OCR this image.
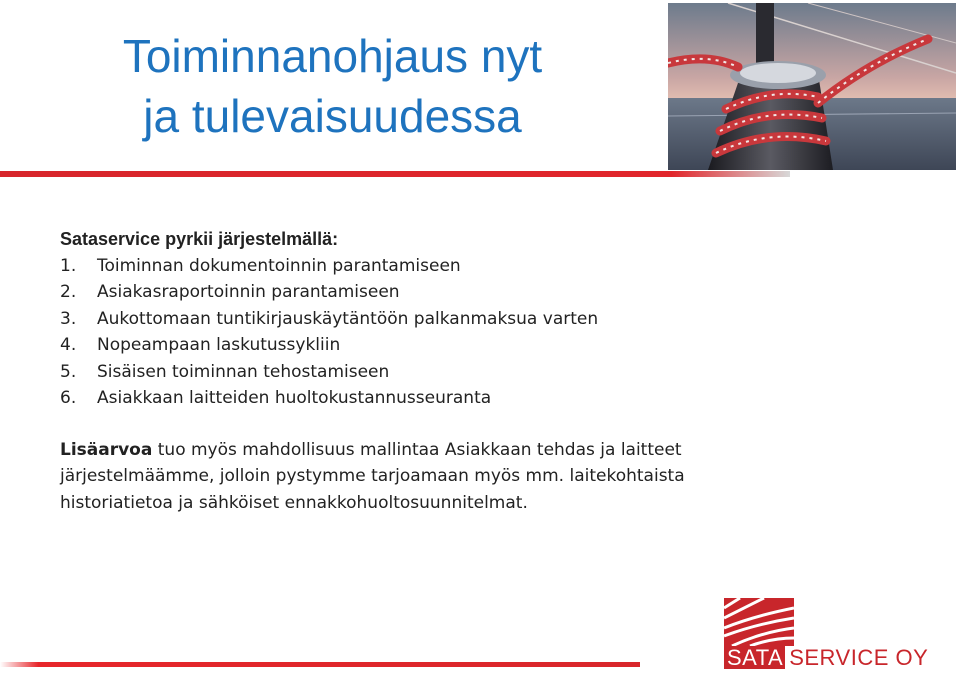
Toiminnanohjaus nyt
ja tulevaisuudessa
Sataservice pyrkii järjestelmällä:
1.	Toiminnan dokumentoinnin parantamiseen
2.	Asiakasraportoinnin parantamiseen
3.	Aukottomaan tuntikirjauskäytäntöön palkanmaksua varten
4.	Nopeampaan laskutussykliin
5.	Sisäisen toiminnan tehostamiseen
6.	Asiakkaan laitteiden huoltokustannusseuranta
Lisäarvoa tuo myös mahdollisuus mallintaa Asiakkaan tehdas ja laitteet järjestelmäämme, jolloin pystymme tarjoamaan myös mm. laitekohtaista historiatietoa ja sähköiset ennakkohuoltosuunnitelmat.
SATA SERVICE OY
